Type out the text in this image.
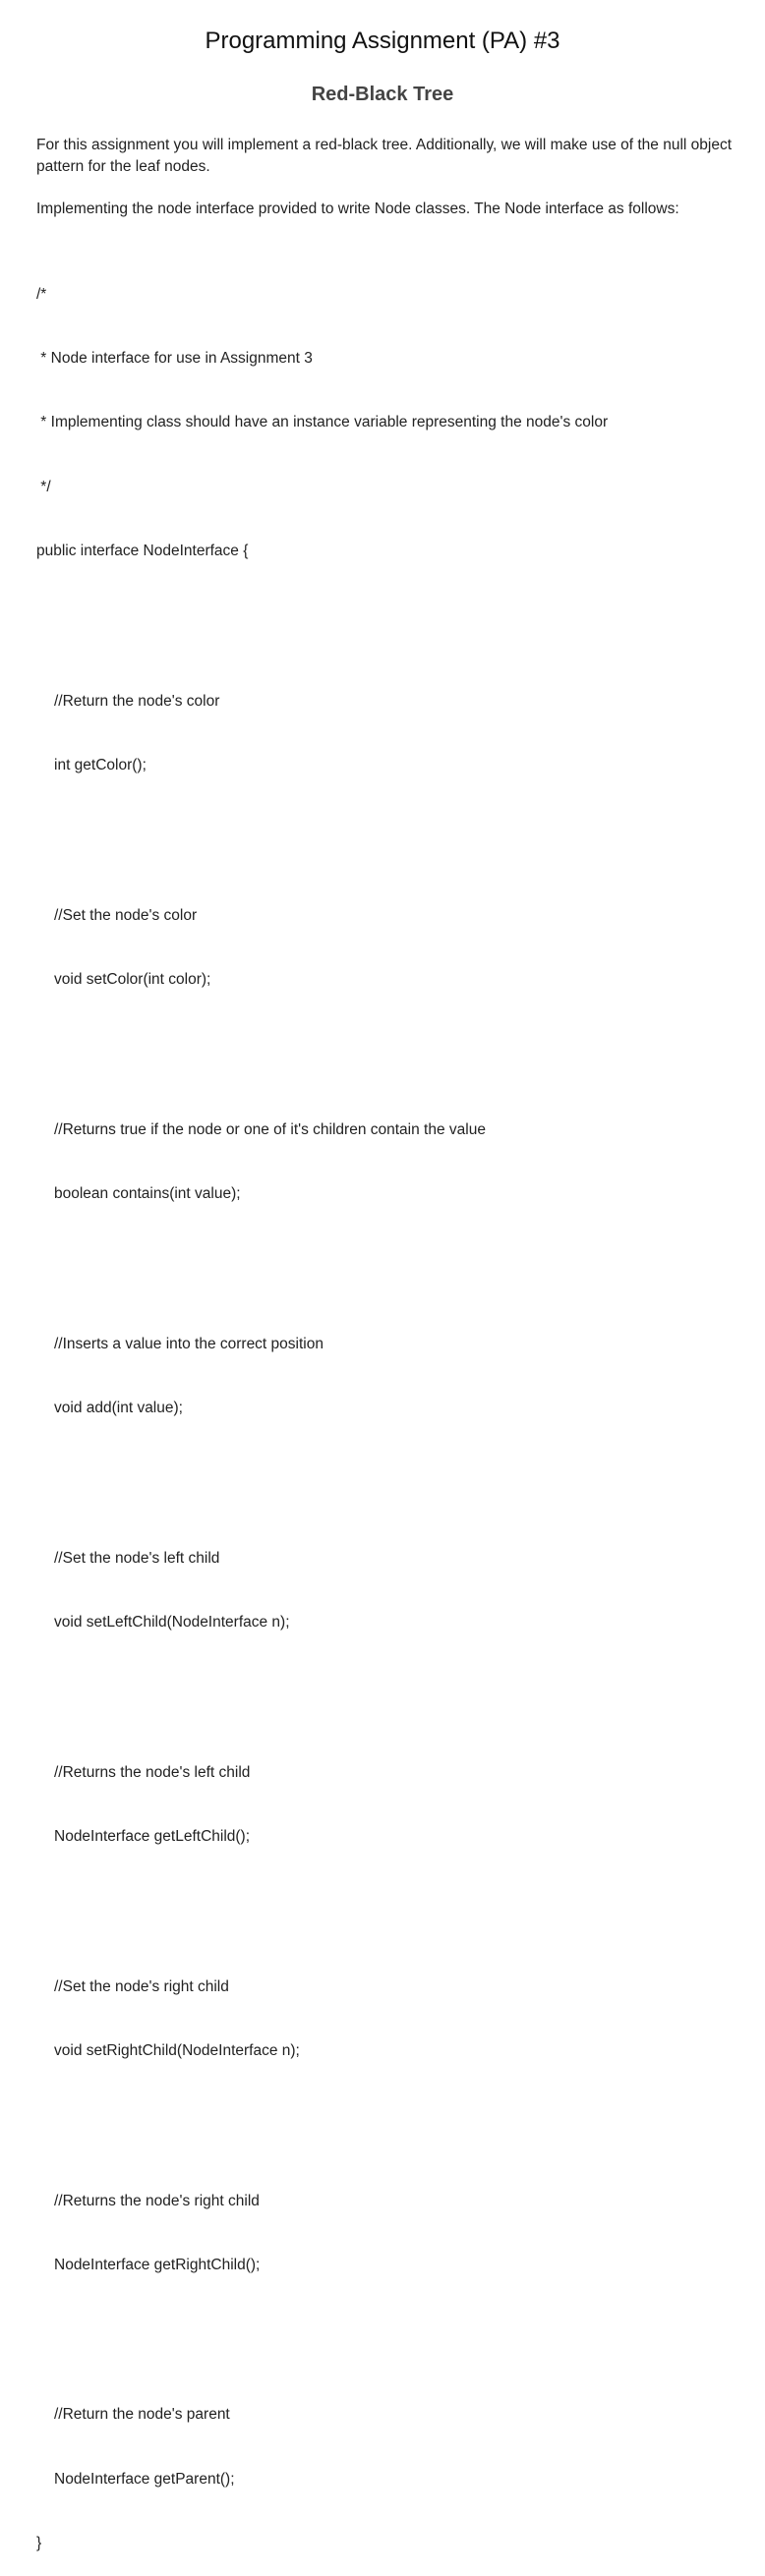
Programming Assignment (PA) #3
Red-Black Tree
For this assignment you will implement a red-black tree. Additionally, we will make use of the null object pattern for the leaf nodes.
Implementing the node interface provided to write Node classes. The Node interface as follows:

/*

* Node interface for use in Assignment 3

* Implementing class should have an instance variable representing the node's color

*/

public interface NodeInterface {

//Return the node's color

int getColor();

//Set the node's color

void setColor(int color);

//Returns true if the node or one of it's children contain the value

boolean contains(int value);

//Inserts a value into the correct position

void add(int value);

//Set the node's left child

void setLeftChild(NodeInterface n);

//Returns the node's left child

NodeInterface getLeftChild();

//Set the node's right child

void setRightChild(NodeInterface n);

//Returns the node's right child

NodeInterface getRightChild();

//Return the node's parent

NodeInterface getParent();

}
